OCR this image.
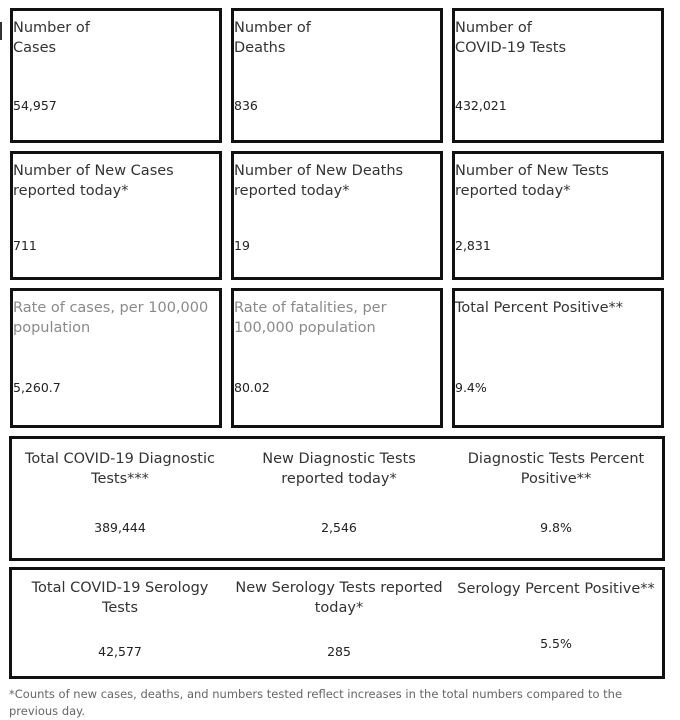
Number of
Cases
54,957
Number of
Deaths
836
Number of
COVID-19 Tests
432,021
Number of New Cases
reported today*
711
Number of New Deaths
reported today*
19
Number of New Tests
reported today*
2,831
Rate of cases, per 100,000
population
5,260.7
Rate of fatalities, per
100,000 population
80.02
Total Percent Positive**
9.4%
Total COVID-19 Diagnostic
Tests***
389,444
New Diagnostic Tests
reported today*
2,546
Diagnostic Tests Percent
Positive**
9.8%
Total COVID-19 Serology
Tests
42,577
New Serology Tests reported
today*
285
Serology Percent Positive**
5.5%
*Counts of new cases, deaths, and numbers tested reflect increases in the total numbers compared to the previous day.
